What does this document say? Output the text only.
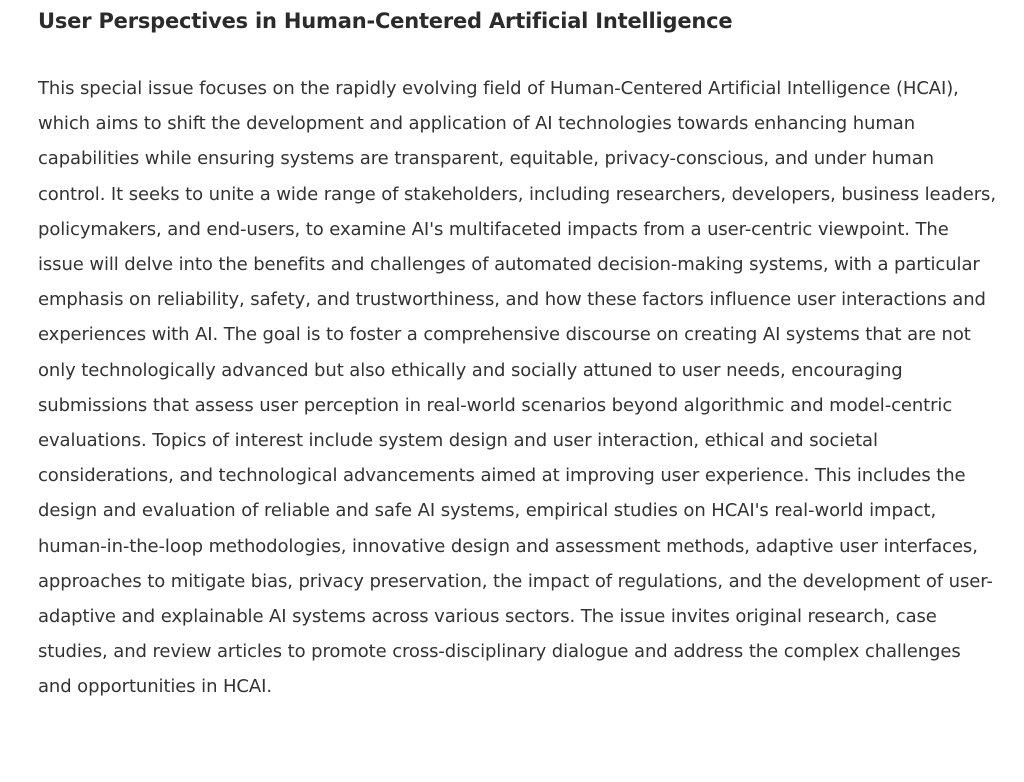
User Perspectives in Human-Centered Artificial Intelligence

This special issue focuses on the rapidly evolving field of Human-Centered Artificial Intelligence (HCAI), which aims to shift the development and application of AI technologies towards enhancing human capabilities while ensuring systems are transparent, equitable, privacy-conscious, and under human control. It seeks to unite a wide range of stakeholders, including researchers, developers, business leaders, policymakers, and end-users, to examine AI's multifaceted impacts from a user-centric viewpoint. The issue will delve into the benefits and challenges of automated decision-making systems, with a particular emphasis on reliability, safety, and trustworthiness, and how these factors influence user interactions and experiences with AI. The goal is to foster a comprehensive discourse on creating AI systems that are not only technologically advanced but also ethically and socially attuned to user needs, encouraging submissions that assess user perception in real-world scenarios beyond algorithmic and model-centric evaluations. Topics of interest include system design and user interaction, ethical and societal considerations, and technological advancements aimed at improving user experience. This includes the design and evaluation of reliable and safe AI systems, empirical studies on HCAI's real-world impact, human-in-the-loop methodologies, innovative design and assessment methods, adaptive user interfaces, approaches to mitigate bias, privacy preservation, the impact of regulations, and the development of user-adaptive and explainable AI systems across various sectors. The issue invites original research, case studies, and review articles to promote cross-disciplinary dialogue and address the complex challenges and opportunities in HCAI.
